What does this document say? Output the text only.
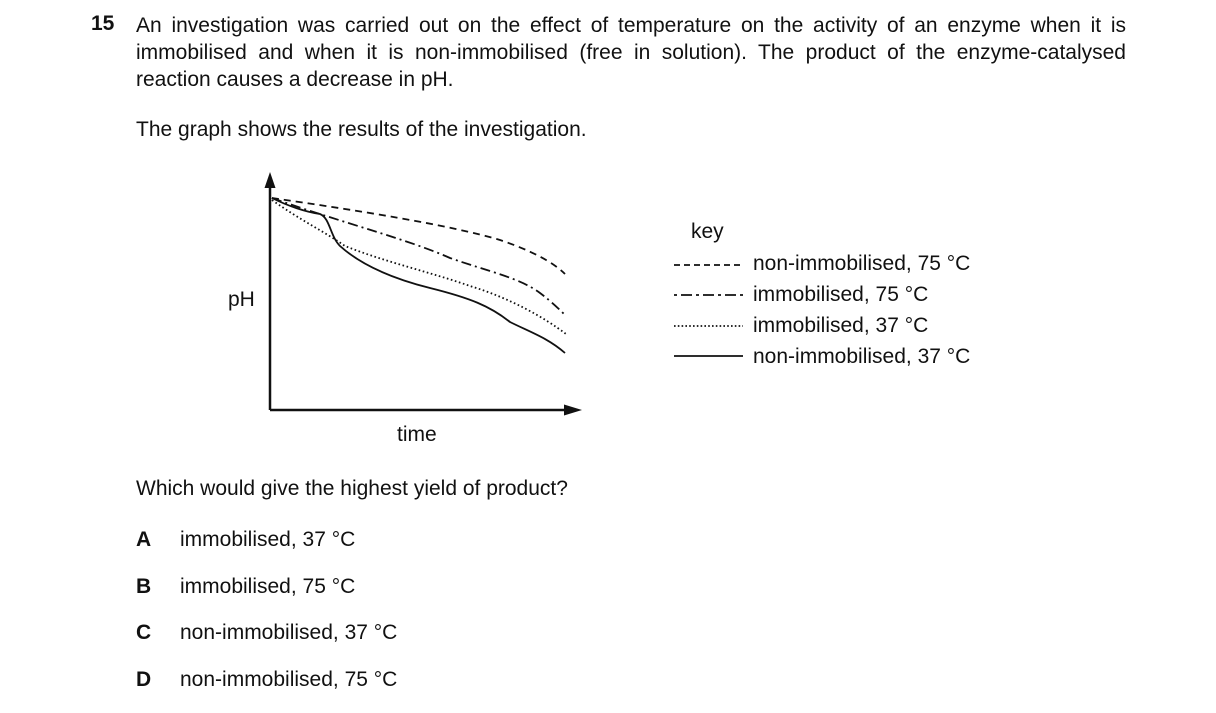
15 An investigation was carried out on the effect of temperature on the activity of an enzyme when it is immobilised and when it is non-immobilised (free in solution). The product of the enzyme-catalysed reaction causes a decrease in pH.
The graph shows the results of the investigation.
pH
time
key
non-immobilised, 75 °C
immobilised, 75 °C
immobilised, 37 °C
non-immobilised, 37 °C
Which would give the highest yield of product?
A immobilised, 37 °C
B immobilised, 75 °C
C non-immobilised, 37 °C
D non-immobilised, 75 °C
